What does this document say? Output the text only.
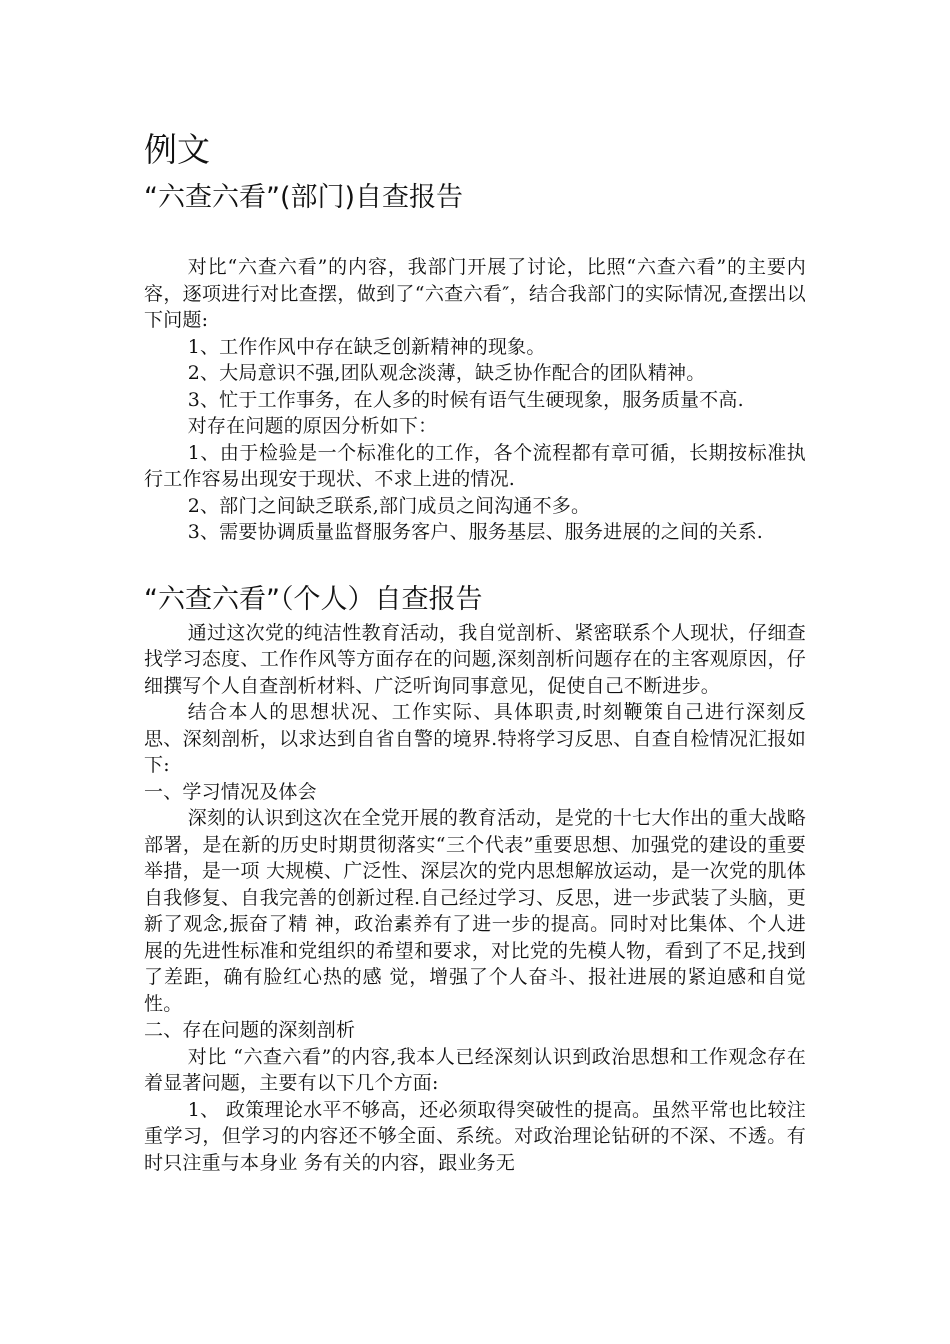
例文
“六查六看”(部门)自查报告

对比“六查六看”的内容，我部门开展了讨论，比照“六查六看”的主要内容，逐项进行对比查摆，做到了“六查六看″，结合我部门的实际情况,查摆出以下问题:

1、工作作风中存在缺乏创新精神的现象。

2、大局意识不强,团队观念淡薄，缺乏协作配合的团队精神。

3、忙于工作事务，在人多的时候有语气生硬现象，服务质量不高.

对存在问题的原因分析如下：

1、由于检验是一个标准化的工作，各个流程都有章可循，长期按标准执行工作容易出现安于现状、不求上进的情况.

2、部门之间缺乏联系,部门成员之间沟通不多。

3、需要协调质量监督服务客户、服务基层、服务进展的之间的关系.

“六查六看”（个人）自查报告

通过这次党的纯洁性教育活动，我自觉剖析、紧密联系个人现状，仔细查找学习态度、工作作风等方面存在的问题,深刻剖析问题存在的主客观原因，仔细撰写个人自查剖析材料、广泛听询同事意见，促使自己不断进步。

结合本人的思想状况、工作实际、具体职责,时刻鞭策自己进行深刻反思、深刻剖析，以求达到自省自警的境界.特将学习反思、自查自检情况汇报如下:

一、学习情况及体会

深刻的认识到这次在全党开展的教育活动，是党的十七大作出的重大战略部署，是在新的历史时期贯彻落实“三个代表”重要思想、加强党的建设的重要举措，是一项 大规模、广泛性、深层次的党内思想解放运动，是一次党的肌体自我修复、自我完善的创新过程.自己经过学习、反思，进一步武装了头脑，更新了观念,振奋了精 神，政治素养有了进一步的提高。同时对比集体、个人进展的先进性标准和党组织的希望和要求，对比党的先模人物，看到了不足,找到了差距，确有脸红心热的感 觉，增强了个人奋斗、报社进展的紧迫感和自觉性。

二、存在问题的深刻剖析

对比 “六查六看”的内容,我本人已经深刻认识到政治思想和工作观念存在着显著问题，主要有以下几个方面:

1、 政策理论水平不够高，还必须取得突破性的提高。虽然平常也比较注重学习，但学习的内容还不够全面、系统。对政治理论钻研的不深、不透。有时只注重与本身业 务有关的内容，跟业务无
